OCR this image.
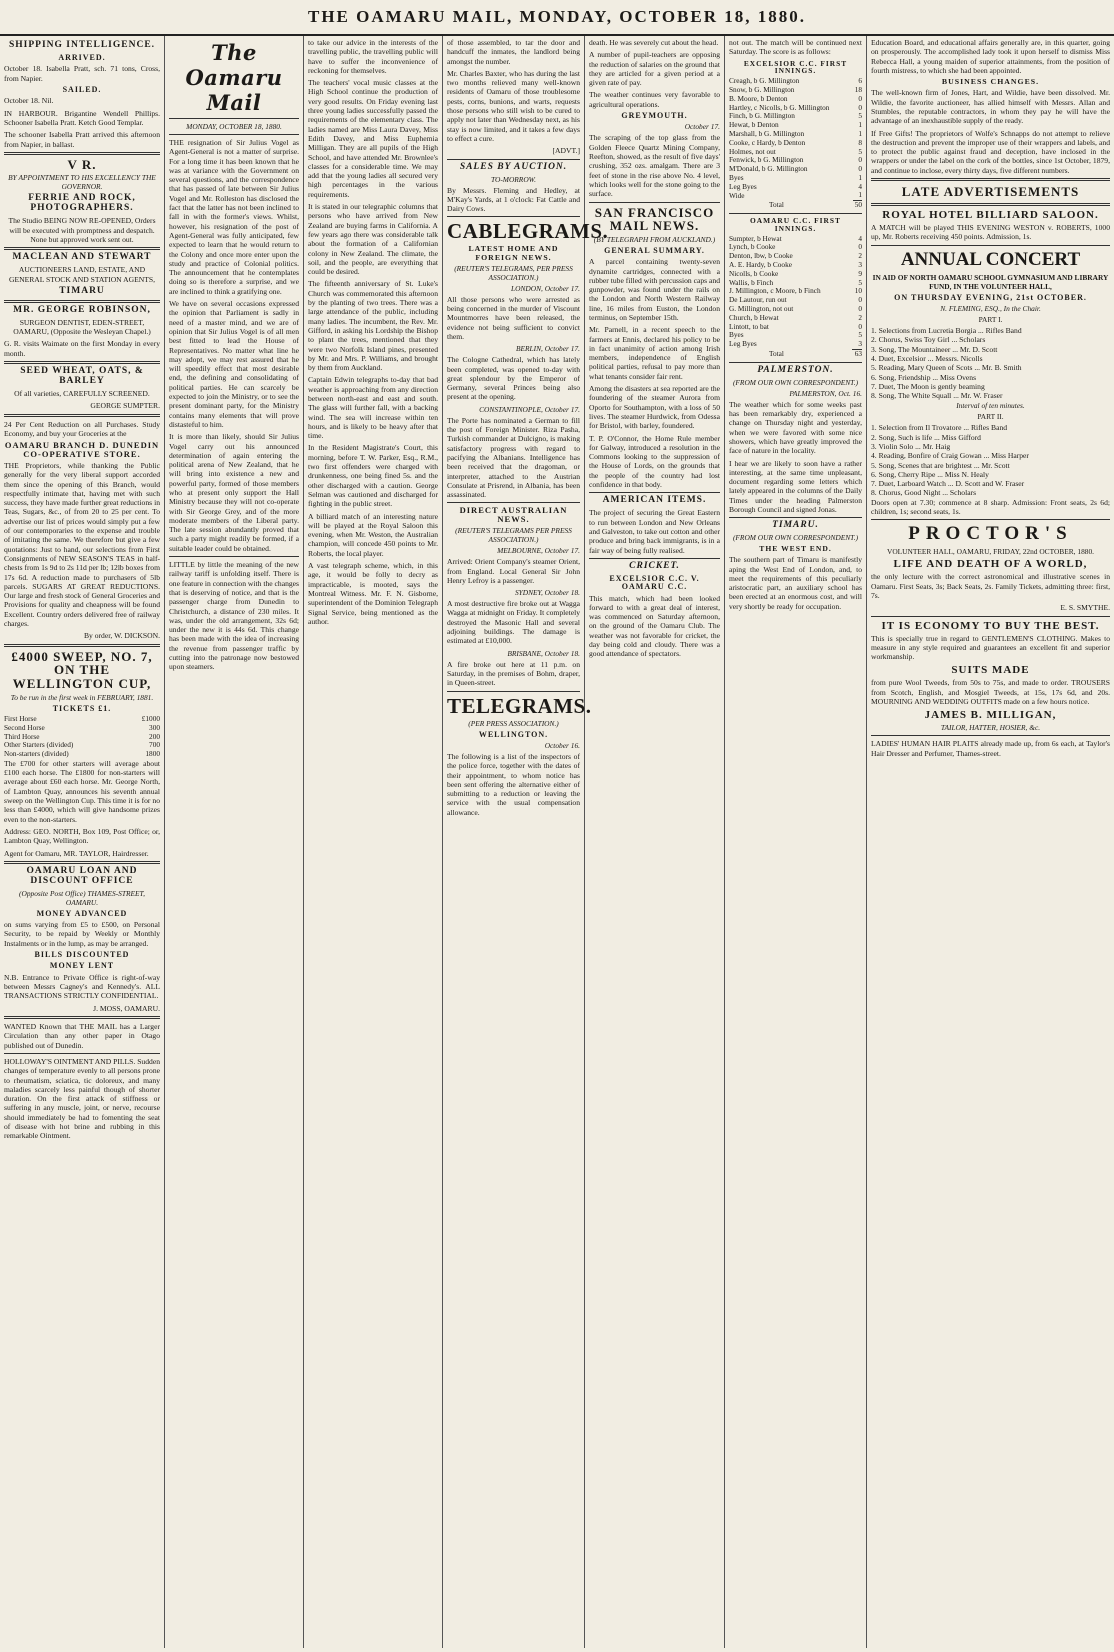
THE OAMARU MAIL, MONDAY, OCTOBER 18, 1880.
SHIPPING INTELLIGENCE.
ARRIVED.

October 18. Isabella Pratt, sch. 71 tons, Cross, from Napier.

SAILED.

October 18. Nil.

IN HARBOUR. Brigantine Wendell Phillips. Schooner Isabella Pratt. Ketch Good Templar.

The schooner Isabella Pratt arrived this afternoon from Napier, in ballast.

V R.
BY APPOINTMENT TO HIS EXCELLENCY THE GOVERNOR.
FERRIE AND ROCK, PHOTOGRAPHERS.

The Studio BEING NOW RE-OPENED, Orders will be executed with promptness and despatch. None but approved work sent out.

MACLEAN AND STEWART

AUCTIONEERS LAND, ESTATE, AND GENERAL STOCK AND STATION AGENTS,

TIMARU
MR. GEORGE ROBINSON,

SURGEON DENTIST, EDEN-STREET, OAMARU, (Opposite the Wesleyan Chapel.)

G. R. visits Waimate on the first Monday in every month.

SEED WHEAT, OATS, & BARLEY

Of all varieties, CAREFULLY SCREENED.

GEORGE SUMPTER.

24 Per Cent Reduction on all Purchases. Study Economy, and buy your Groceries at the

OAMARU BRANCH D. DUNEDIN CO-OPERATIVE STORE.

THE Proprietors, while thanking the Public generally for the very liberal support accorded them since the opening of this Branch, would respectfully intimate that, having met with such success, they have made further great reductions in Teas, Sugars, &c., of from 20 to 25 per cent. To advertise our list of prices would simply put a few of our contemporaries to the expense and trouble of imitating the same. We therefore but give a few quotations: Just to hand, our selections from First Consignments of NEW SEASON'S TEAS in half-chests from 1s 9d to 2s 11d per lb; 12lb boxes from 17s 6d. A reduction made to purchasers of 5lb parcels. SUGARS AT GREAT REDUCTIONS. Our large and fresh stock of General Groceries and Provisions for quality and cheapness will be found Excellent. Country orders delivered free of railway charges.

By order, W. DICKSON.

£4000 SWEEP, NO. 7, ON THE WELLINGTON CUP,
To be run in the first week in FEBRUARY, 1881.
TICKETS £1.
First Horse	£1000
Second Horse	300
Third Horse	200
Other Starters (divided)	700
Non-starters (divided)	1800

The £700 for other starters will average about £100 each horse. The £1800 for non-starters will average about £60 each horse. Mr. George North, of Lambton Quay, announces his seventh annual sweep on the Wellington Cup. This time it is for no less than £4000, which will give handsome prizes even to the non-starters.

Address: GEO. NORTH, Box 109, Post Office; or, Lambton Quay, Wellington.

Agent for Oamaru, MR. TAYLOR, Hairdresser.

OAMARU LOAN AND DISCOUNT OFFICE
(Opposite Post Office) THAMES-STREET, OAMARU.
MONEY ADVANCED

on sums varying from £5 to £500, on Personal Security, to be repaid by Weekly or Monthly Instalments or in the lump, as may be arranged.

BILLS DISCOUNTED
MONEY LENT

N.B. Entrance to Private Office is right-of-way between Messrs Cagney's and Kennedy's. ALL TRANSACTIONS STRICTLY CONFIDENTIAL.

J. MOSS, OAMARU.

WANTED Known that THE MAIL has a Larger Circulation than any other paper in Otago published out of Dunedin.

HOLLOWAY'S OINTMENT AND PILLS. Sudden changes of temperature evenly to all persons prone to rheumatism, sciatica, tic doloreux, and many maladies scarcely less painful though of shorter duration. On the first attack of stiffness or suffering in any muscle, joint, or nerve, recourse should immediately be had to fomenting the seat of disease with hot brine and rubbing in this remarkable Ointment.

The Oamaru Mail
MONDAY, OCTOBER 18, 1880.

THE resignation of Sir Julius Vogel as Agent-General is not a matter of surprise. For a long time it has been known that he was at variance with the Government on several questions, and the correspondence that has passed of late between Sir Julius Vogel and Mr. Rolleston has disclosed the fact that the latter has not been inclined to fall in with the former's views. Whilst, however, his resignation of the post of Agent-General was fully anticipated, few expected to learn that he would return to the Colony and once more enter upon the study and practice of Colonial politics. The announcement that he contemplates doing so is therefore a surprise, and we are inclined to think a gratifying one.

We have on several occasions expressed the opinion that Parliament is sadly in need of a master mind, and we are of opinion that Sir Julius Vogel is of all men best fitted to lead the House of Representatives. No matter what line he may adopt, we may rest assured that he will speedily effect that most desirable end, the defining and consolidating of political parties. He can scarcely be expected to join the Ministry, or to see the present dominant party, for the Ministry contains many elements that will prove distasteful to him.

It is more than likely, should Sir Julius Vogel carry out his announced determination of again entering the political arena of New Zealand, that he will bring into existence a new and powerful party, formed of those members who at present only support the Hall Ministry because they will not co-operate with Sir George Grey, and of the more moderate members of the Liberal party. The late session abundantly proved that such a party might readily be formed, if a suitable leader could be obtained.

LITTLE by little the meaning of the new railway tariff is unfolding itself. There is one feature in connection with the changes that is deserving of notice, and that is the passenger charge from Dunedin to Christchurch, a distance of 230 miles. It was, under the old arrangement, 32s 6d; under the new it is 44s 6d. This change has been made with the idea of increasing the revenue from passenger traffic by cutting into the patronage now bestowed upon steamers.

to take our advice in the interests of the travelling public, the travelling public will have to suffer the inconvenience of reckoning for themselves.

The teachers' vocal music classes at the High School continue the production of very good results. On Friday evening last three young ladies successfully passed the requirements of the elementary class. The ladies named are Miss Laura Davey, Miss Edith Davey, and Miss Euphemia Milligan. They are all pupils of the High School, and have attended Mr. Brownlee's classes for a considerable time. We may add that the young ladies all secured very high percentages in the various requirements.

It is stated in our telegraphic columns that persons who have arrived from New Zealand are buying farms in California. A few years ago there was considerable talk about the formation of a Californian colony in New Zealand. The climate, the soil, and the people, are everything that could be desired.

The fifteenth anniversary of St. Luke's Church was commemorated this afternoon by the planting of two trees. There was a large attendance of the public, including many ladies. The incumbent, the Rev. Mr. Gifford, in asking his Lordship the Bishop to plant the trees, mentioned that they were two Norfolk Island pines, presented by Mr. and Mrs. P. Williams, and brought by them from Auckland.

Captain Edwin telegraphs to-day that bad weather is approaching from any direction between north-east and east and south. The glass will further fall, with a backing wind. The sea will increase within ten hours, and is likely to be heavy after that time.

In the Resident Magistrate's Court, this morning, before T. W. Parker, Esq., R.M., two first offenders were charged with drunkenness, one being fined 5s. and the other discharged with a caution. George Selman was cautioned and discharged for fighting in the public street.

A billiard match of an interesting nature will be played at the Royal Saloon this evening, when Mr. Weston, the Australian champion, will concede 450 points to Mr. Roberts, the local player.

A vast telegraph scheme, which, in this age, it would be folly to decry as impracticable, is mooted, says the Montreal Witness. Mr. F. N. Gisborne, superintendent of the Dominion Telegraph Signal Service, being mentioned as the author.

of those assembled, to tar the door and handcuff the inmates, the landlord being amongst the number.

Mr. Charles Baxter, who has during the last two months relieved many well-known residents of Oamaru of those troublesome pests, corns, bunions, and warts, requests those persons who still wish to be cured to apply not later than Wednesday next, as his stay is now limited, and it takes a few days to effect a cure.

[ADVT.]

SALES BY AUCTION.
TO-MORROW.

By Messrs. Fleming and Hedley, at M'Kay's Yards, at 1 o'clock: Fat Cattle and Dairy Cows.

CABLEGRAMS.
LATEST HOME AND FOREIGN NEWS.
(REUTER'S TELEGRAMS, PER PRESS ASSOCIATION.)
LONDON, October 17.

All those persons who were arrested as being concerned in the murder of Viscount Mountmorres have been released, the evidence not being sufficient to convict them.

BERLIN, October 17.

The Cologne Cathedral, which has lately been completed, was opened to-day with great splendour by the Emperor of Germany, several Princes being also present at the opening.

CONSTANTINOPLE, October 17.

The Porte has nominated a German to fill the post of Foreign Minister. Riza Pasha, Turkish commander at Dulcigno, is making satisfactory progress with regard to pacifying the Albanians. Intelligence has been received that the dragoman, or interpreter, attached to the Austrian Consulate at Prisrend, in Albania, has been assassinated.

DIRECT AUSTRALIAN NEWS.
(REUTER'S TELEGRAMS PER PRESS ASSOCIATION.)
MELBOURNE, October 17.

Arrived: Orient Company's steamer Orient, from England. Local General Sir John Henry Lefroy is a passenger.

SYDNEY, October 18.

A most destructive fire broke out at Wagga Wagga at midnight on Friday. It completely destroyed the Masonic Hall and several adjoining buildings. The damage is estimated at £10,000.

BRISBANE, October 18.

A fire broke out here at 11 p.m. on Saturday, in the premises of Bohm, draper, in Queen-street.

TELEGRAMS.
(PER PRESS ASSOCIATION.)
WELLINGTON.
October 16.

The following is a list of the inspectors of the police force, together with the dates of their appointment, to whom notice has been sent offering the alternative either of submitting to a reduction or leaving the service with the usual compensation allowance.

death. He was severely cut about the head.

A number of pupil-teachers are opposing the reduction of salaries on the ground that they are articled for a given period at a given rate of pay.

The weather continues very favorable to agricultural operations.

GREYMOUTH.
October 17.

The scraping of the top glass from the Golden Fleece Quartz Mining Company, Reefton, showed, as the result of five days' crushing, 352 ozs. amalgam. There are 3 feet of stone in the rise above No. 4 level, which looks well for the stone going to the surface.

SAN FRANCISCO MAIL NEWS.
(BY TELEGRAPH FROM AUCKLAND.)
GENERAL SUMMARY.

A parcel containing twenty-seven dynamite cartridges, connected with a rubber tube filled with percussion caps and gunpowder, was found under the rails on the London and North Western Railway line, 16 miles from Euston, the London terminus, on September 15th.

Mr. Parnell, in a recent speech to the farmers at Ennis, declared his policy to be in fact unanimity of action among Irish members, independence of English political parties, refusal to pay more than what tenants consider fair rent.

Among the disasters at sea reported are the foundering of the steamer Aurora from Oporto for Southampton, with a loss of 50 lives. The steamer Hurdwick, from Odessa for Bristol, with barley, foundered.

T. P. O'Connor, the Home Rule member for Galway, introduced a resolution in the Commons looking to the suppression of the House of Lords, on the grounds that the people of the country had lost confidence in that body.

AMERICAN ITEMS.

The project of securing the Great Eastern to run between London and New Orleans and Galveston, to take out cotton and other produce and bring back immigrants, is in a fair way of being fully realised.

CRICKET.
EXCELSIOR C.C. V. OAMARU C.C.

This match, which had been looked forward to with a great deal of interest, was commenced on Saturday afternoon, on the ground of the Oamaru Club. The weather was not favorable for cricket, the day being cold and cloudy. There was a good attendance of spectators.

not out. The match will be continued next Saturday. The score is as follows:

EXCELSIOR C.C. FIRST INNINGS.
Creagh, b G. Millington	6
Snow, b G. Millington	18
B. Moore, b Denton	0
Hartley, c Nicolls, b G. Millington	0
Finch, b G. Millington	5
Hewat, b Denton	1
Marshall, b G. Millington	1
Cooke, c Hardy, b Denton	8
Holmes, not out	5
Fenwick, b G. Millington	0
M'Donald, b G. Millington	0
Byes	1
Leg Byes	4
Wide	1
Total	50
OAMARU C.C. FIRST INNINGS.
Sumpter, b Hewat	4
Lynch, b Cooke	0
Denton, lbw, b Cooke	2
A. E. Hardy, b Cooke	3
Nicolls, b Cooke	9
Wallis, b Finch	5
J. Millington, c Moore, b Finch	10
De Lautour, run out	0
G. Millington, not out	0
Church, b Hewat	2
Lintott, to bat	0
Byes	5
Leg Byes	3
Total	63
PALMERSTON.
(FROM OUR OWN CORRESPONDENT.)
PALMERSTON, Oct. 16.

The weather which for some weeks past has been remarkably dry, experienced a change on Thursday night and yesterday, when we were favored with some nice showers, which have greatly improved the face of nature in the locality.

I hear we are likely to soon have a rather interesting, at the same time unpleasant, document regarding some letters which lately appeared in the columns of the Daily Times under the heading Palmerston Borough Council and signed Jonas.

TIMARU.
(FROM OUR OWN CORRESPONDENT.)
THE WEST END.

The southern part of Timaru is manifestly aping the West End of London, and, to meet the requirements of this peculiarly aristocratic part, an auxiliary school has been erected at an enormous cost, and will very shortly be ready for occupation.

Education Board, and educational affairs generally are, in this quarter, going on prosperously. The accomplished lady took it upon herself to dismiss Miss Rebecca Hall, a young maiden of superior attainments, from the position of fourth mistress, to which she had been appointed.

BUSINESS CHANGES.

The well-known firm of Jones, Hart, and Wildie, have been dissolved. Mr. Wildie, the favorite auctioneer, has allied himself with Messrs. Allan and Stumbles, the reputable contractors, in whom they pay he will have the advantage of an inexhaustible supply of the ready.

If Free Gifts! The proprietors of Wolfe's Schnapps do not attempt to relieve the destruction and prevent the improper use of their wrappers and labels, and to protect the public against fraud and deception, have inclosed in the wrappers or under the label on the cork of the bottles, since 1st October, 1879, and continue to inclose, every thirty days, five different numbers.

LATE ADVERTISEMENTS
ROYAL HOTEL BILLIARD SALOON.

A MATCH will be played THIS EVENING WESTON v. ROBERTS, 1000 up, Mr. Roberts receiving 450 points. Admission, 1s.

ANNUAL CONCERT
IN AID OF NORTH OAMARU SCHOOL GYMNASIUM AND LIBRARY FUND, IN THE VOLUNTEER HALL,
ON THURSDAY EVENING, 21st OCTOBER.
N. FLEMING, ESQ., In the Chair.
PART I.
1. Selections from Lucretia Borgia ... Rifles Band
2. Chorus, Swiss Toy Girl ... Scholars
3. Song, The Mountaineer ... Mr. D. Scott
4. Duet, Excelsior ... Messrs. Nicolls
5. Reading, Mary Queen of Scots ... Mr. B. Smith
6. Song, Friendship ... Miss Ovens
7. Duet, The Moon is gently beaming
8. Song, The White Squall ... Mr. W. Fraser
Interval of ten minutes.
PART II.
1. Selection from Il Trovatore ... Rifles Band
2. Song, Such is life ... Miss Gifford
3. Violin Solo ... Mr. Haig
4. Reading, Bonfire of Craig Gowan ... Miss Harper
5. Song, Scenes that are brightest ... Mr. Scott
6. Song, Cherry Ripe ... Miss N. Healy
7. Duet, Larboard Watch ... D. Scott and W. Fraser
8. Chorus, Good Night ... Scholars

Doors open at 7.30; commence at 8 sharp. Admission: Front seats, 2s 6d; children, 1s; second seats, 1s.

PROCTOR'S
VOLUNTEER HALL, OAMARU, FRIDAY, 22nd OCTOBER, 1880.
LIFE AND DEATH OF A WORLD,

the only lecture with the correct astronomical and illustrative scenes in Oamaru. First Seats, 3s; Back Seats, 2s. Family Tickets, admitting three: first, 7s.

E. S. SMYTHE.

IT IS ECONOMY TO BUY THE BEST.

This is specially true in regard to GENTLEMEN'S CLOTHING. Makes to measure in any style required and guarantees an excellent fit and superior workmanship.

SUITS MADE

from pure Wool Tweeds, from 50s to 75s, and made to order. TROUSERS from Scotch, English, and Mosgiel Tweeds, at 15s, 17s 6d, and 20s. MOURNING AND WEDDING OUTFITS made on a few hours notice.

JAMES B. MILLIGAN,
TAILOR, HATTER, HOSIER, &c.

LADIES' HUMAN HAIR PLAITS already made up, from 6s each, at Taylor's Hair Dresser and Perfumer, Thames-street.
